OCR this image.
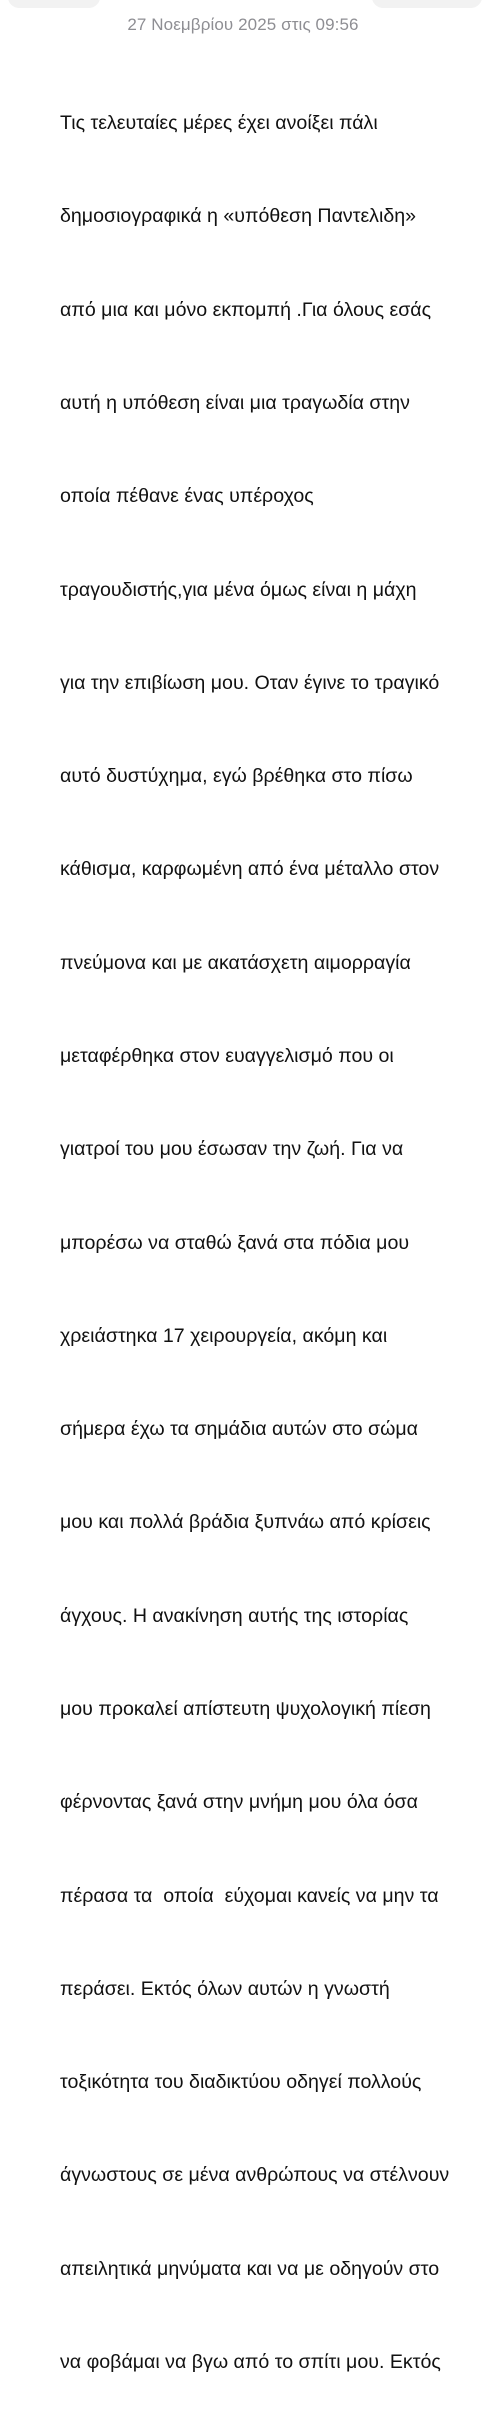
27 Νοεμβρίου 2025 στις 09:56

Τις τελευταίες μέρες έχει ανοίξει πάλι

δημοσιογραφικά η «υπόθεση Παντελιδη»

από μια και μόνο εκπομπή .Για όλους εσάς

αυτή η υπόθεση είναι μια τραγωδία στην

οποία πέθανε ένας υπέροχος

τραγουδιστής,για μένα όμως είναι η μάχη

για την επιβίωση μου. Οταν έγινε το τραγικό

αυτό δυστύχημα, εγώ βρέθηκα στο πίσω

κάθισμα, καρφωμένη από ένα μέταλλο στον

πνεύμονα και με ακατάσχετη αιμορραγία

μεταφέρθηκα στον ευαγγελισμό που οι

γιατροί του μου έσωσαν την ζωή. Για να

μπορέσω να σταθώ ξανά στα πόδια μου

χρειάστηκα 17 χειρουργεία, ακόμη και

σήμερα έχω τα σημάδια αυτών στο σώμα

μου και πολλά βράδια ξυπνάω από κρίσεις

άγχους. Η ανακίνηση αυτής της ιστορίας

μου προκαλεί απίστευτη ψυχολογική πίεση

φέρνοντας ξανά στην μνήμη μου όλα όσα

πέρασα τα  οποία  εύχομαι κανείς να μην τα

περάσει. Εκτός όλων αυτών η γνωστή

τοξικότητα του διαδικτύου οδηγεί πολλούς

άγνωστους σε μένα ανθρώπους να στέλνουν

απειλητικά μηνύματα και να με οδηγούν στο

να φοβάμαι να βγω από το σπίτι μου. Εκτός
